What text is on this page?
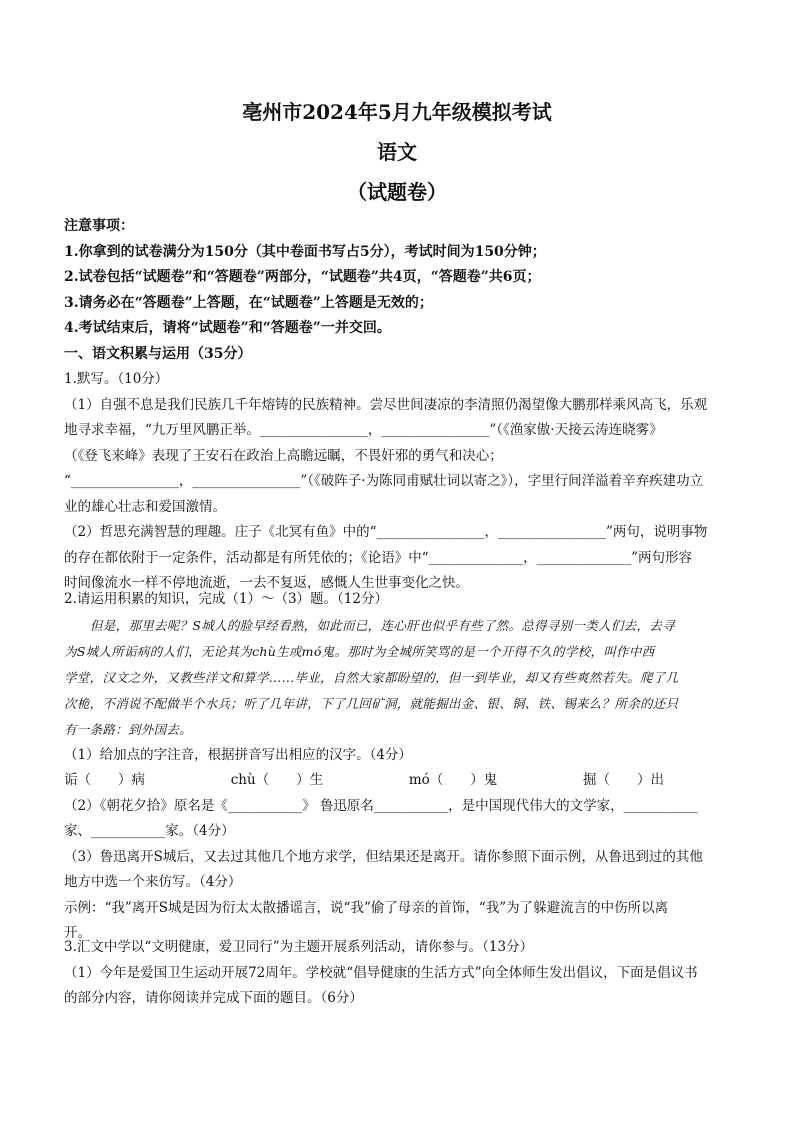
亳州市2024年5月九年级模拟考试
语文
（试题卷）
注意事项：
1.你拿到的试卷满分为150分（其中卷面书写占5分），考试时间为150分钟；
2.试卷包括“试题卷”和“答题卷”两部分，“试题卷”共4页，“答题卷”共6页；
3.请务必在“答题卷”上答题，在“试题卷”上答题是无效的；
4.考试结束后，请将“试题卷”和“答题卷”一并交回。
一、语文积累与运用（35分）
1.默写。（10分）
（1）自强不息是我们民族几千年熔铸的民族精神。尝尽世间凄凉的李清照仍渴望像大鹏那样乘风高飞，乐观
地寻求幸福，“九万里风鹏正举。________________，________________”（《渔家傲·天接云涛连晓雾》
（《登飞来峰》表现了王安石在政治上高瞻远瞩，不畏奸邪的勇气和决心；
“________________，________________”（《破阵子·为陈同甫赋壮词以寄之》），字里行间洋溢着辛弃疾建功立
业的雄心壮志和爱国激情。
（2）哲思充满智慧的理趣。庄子《北冥有鱼》中的“________________，________________”两句，说明事物
的存在都依附于一定条件，活动都是有所凭依的；《论语》中“______________，______________”两句形容
时间像流水一样不停地流逝，一去不复返，感慨人生世事变化之快。
2.请运用积累的知识，完成（1）～（3）题。（12分）
但是，那里去呢？S城人的脸早经看熟，如此而已，连心肝也似乎有些了然。总得寻别一类人们去，去寻
为S城人所诟病的人们，无论其为chù生或mó鬼。那时为全城所笑骂的是一个开得不久的学校，叫作中西
学堂，汉文之外，又教些洋文和算学……毕业，自然大家都盼望的，但一到毕业，却又有些爽然若失。爬了几
次桅，不消说不配做半个水兵；听了几年讲，下了几回矿洞，就能掘出金、银、铜、铁、锡来么？所余的还只
有一条路：到外国去。
（1）给加点的字注音，根据拼音写出相应的汉字。（4分）
诟（　　）病	chù（　　）生	mó（　　）鬼	掘（　　）出
（2）《朝花夕拾》原名是《___________》 鲁迅原名___________，是中国现代伟大的文学家，___________
家、___________家。（4分）
（3）鲁迅离开S城后，又去过其他几个地方求学，但结果还是离开。请你参照下面示例，从鲁迅到过的其他
地方中选一个来仿写。（4分）
示例：“我”离开S城是因为衍太太散播谣言，说“我”偷了母亲的首饰，“我”为了躲避流言的中伤所以离
开。
3.汇文中学以“文明健康，爱卫同行”为主题开展系列活动，请你参与。（13分）
（1）今年是爱国卫生运动开展72周年。学校就“倡导健康的生活方式”向全体师生发出倡议，下面是倡议书
的部分内容，请你阅读并完成下面的题目。（6分）
